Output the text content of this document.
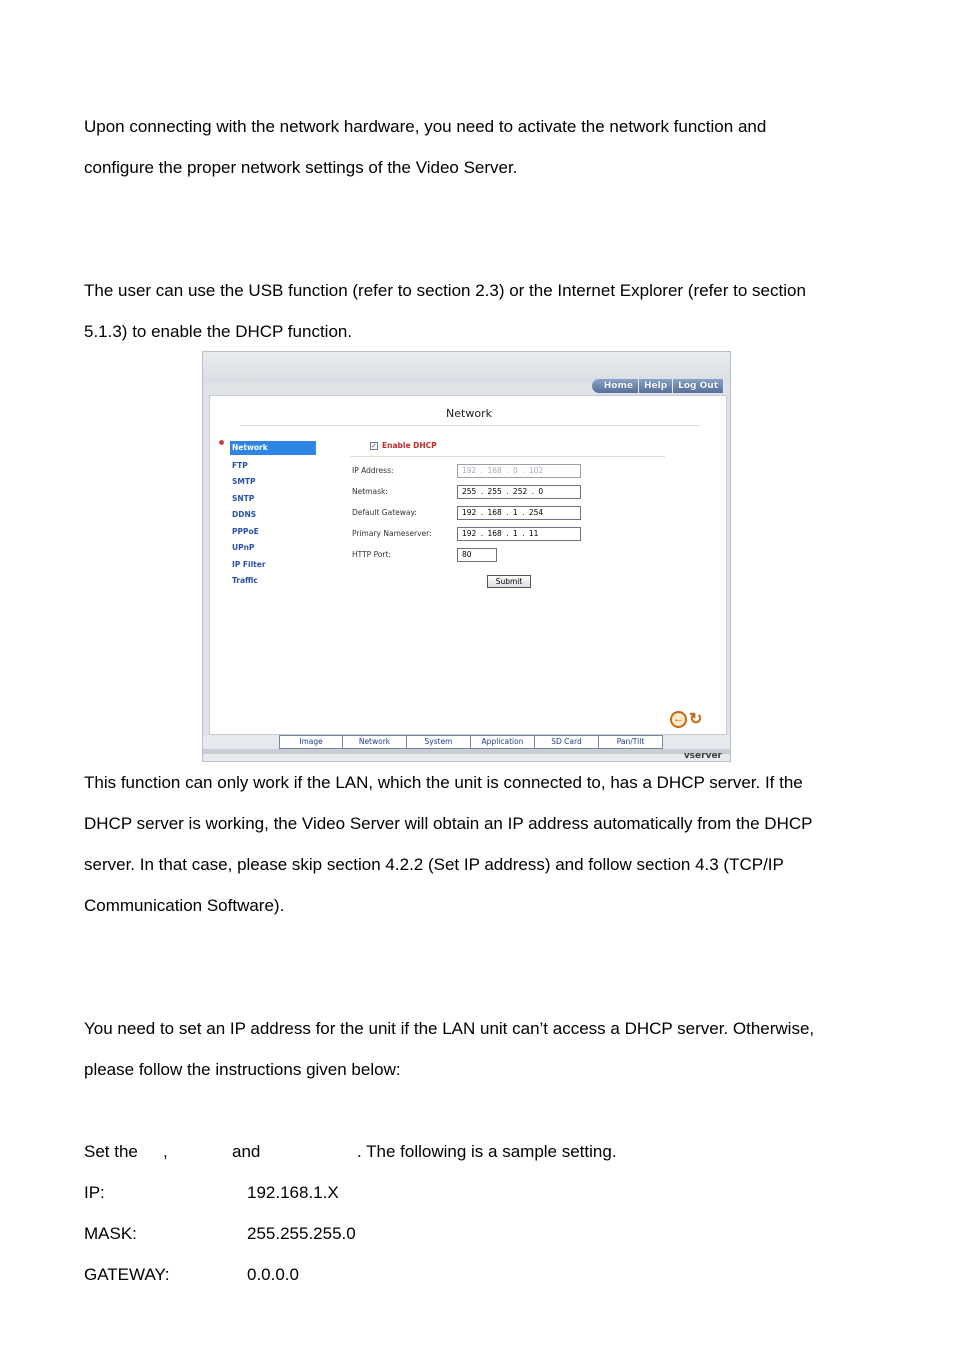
Upon connecting with the network hardware, you need to activate the network function and
configure the proper network settings of the Video Server.
The user can use the USB function (refer to section 2.3) or the Internet Explorer (refer to section
5.1.3) to enable the DHCP function.
Home	Help	Log Out
Network
Network
FTP
SMTP
SNTP
DDNS
PPPoE
UPnP
IP Filter
Traffic
✓ Enable DHCP
IP Address:	192 . 168 . 0 . 102
Netmask:	255 . 255 . 252 . 0
Default Gateway:	192 . 168 . 1 . 254
Primary Nameserver:	192 . 168 . 1 . 11
HTTP Port:	80
Submit
← ↻
Image	Network	System	Application	SD Card	Pan/Tilt
vserver
This function can only work if the LAN, which the unit is connected to, has a DHCP server. If the
DHCP server is working, the Video Server will obtain an IP address automatically from the DHCP
server. In that case, please skip section 4.2.2 (Set IP address) and follow section 4.3 (TCP/IP
Communication Software).
You need to set an IP address for the unit if the LAN unit can’t access a DHCP server. Otherwise,
please follow the instructions given below:
Set the ,	and	. The following is a sample setting.
IP:	192.168.1.X
MASK:	255.255.255.0
GATEWAY:	0.0.0.0
